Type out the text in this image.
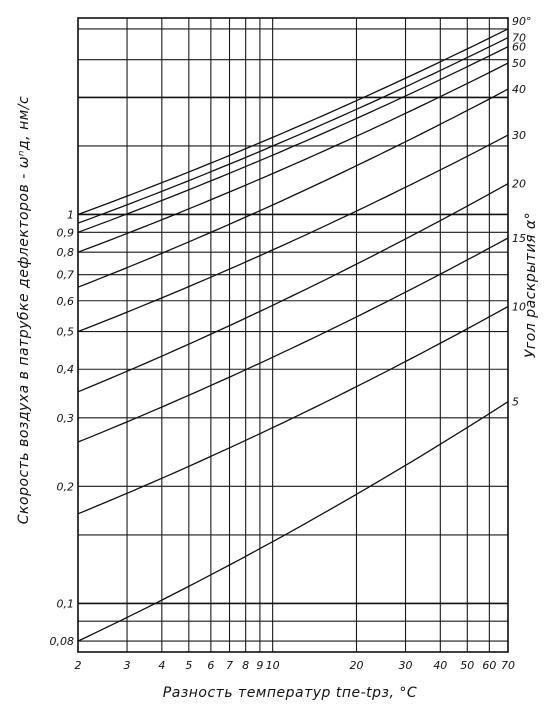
2	3	4 5 6 7 8 9 10	20	30 40 50 60 70
0,08
0,1
0,2
0,3
0,4
0,5
0,6
0,7
0,8
0,9
1
90°
70
60
50
40
30
20
15
10
5
Разность температур tпе-tрз, °С
Скорость воздуха в патрубке дефлекторов - ωⁿд, нм/с	Угол раскрытия α°
